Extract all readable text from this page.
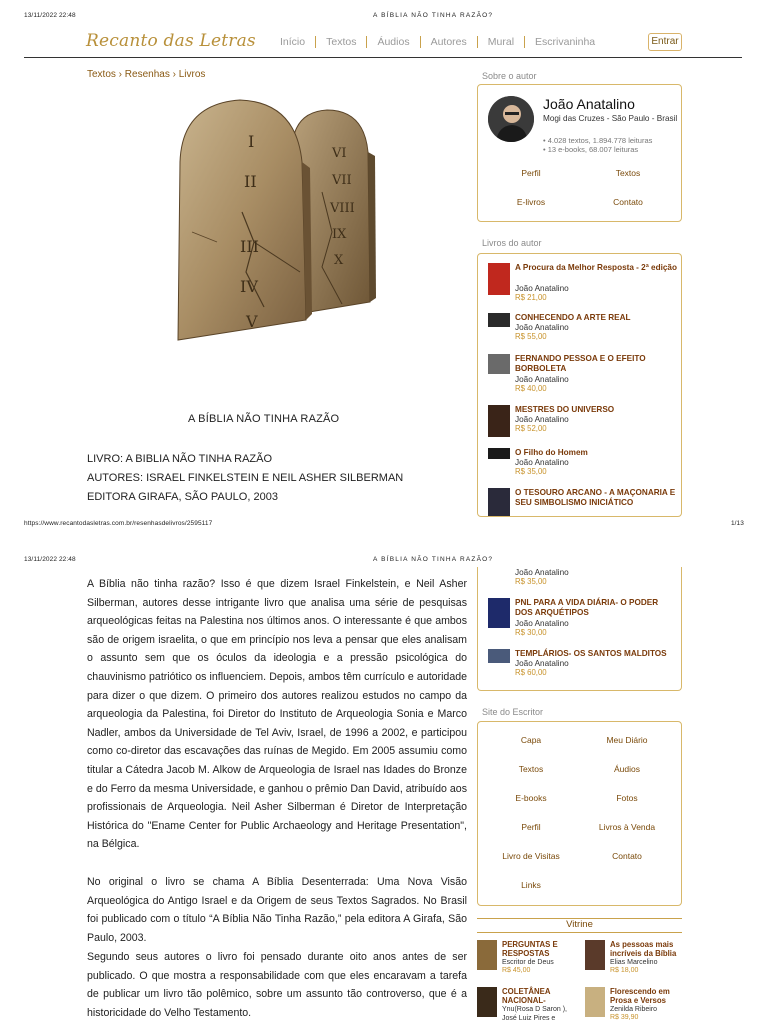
13/11/2022 22:48	A BÍBLIA NÃO TINHA RAZÃO?
https://www.recantodasletras.com.br/resenhasdelivros/2595117	1/13
13/11/2022 22:48	A BÍBLIA NÃO TINHA RAZÃO?
Recanto das Letras	Início	Textos	Áudios	Autores	Mural	Escrivaninha	Entrar
Textos › Resenhas › Livros
I
II
III
IV
V
VI
VII
VIII
IX
X
A BÍBLIA NÃO TINHA RAZÃO
LIVRO: A BIBLIA NÃO TINHA RAZÃO
AUTORES: ISRAEL FINKELSTEIN E NEIL ASHER SILBERMAN
EDITORA GIRAFA, SÃO PAULO, 2003

A Bíblia não tinha razão? Isso é que dizem Israel Finkelstein, e Neil Asher Silberman, autores desse intrigante livro que analisa uma série de pesquisas arqueológicas feitas na Palestina nos últimos anos. O interessante é que ambos são de origem israelita, o que em princípio nos leva a pensar que eles analisam o assunto sem que os óculos da ideologia e a pressão psicológica do chauvinismo patriótico os influenciem. Depois, ambos têm currículo e autoridade para dizer o que dizem. O primeiro dos autores realizou estudos no campo da arqueologia da Palestina, foi Diretor do Instituto de Arqueologia Sonia e Marco Nadler, ambos da Universidade de Tel Aviv, Israel, de 1996 a 2002, e participou como co-diretor das escavações das ruínas de Megido. Em 2005 assumiu como titular a Cátedra Jacob M. Alkow de Arqueologia de Israel nas Idades do Bronze e do Ferro da mesma Universidade, e ganhou o prêmio Dan David, atribuído aos profissionais de Arqueologia. Neil Asher Silberman é Diretor de Interpretação Histórica do "Ename Center for Public Archaeology and Heritage Presentation", na Bélgica.

No original o livro se chama A Bíblia Desenterrada: Uma Nova Visão Arqueológica do Antigo Israel e da Origem de seus Textos Sagrados. No Brasil foi publicado com o título “A Bíblia Não Tinha Razão,” pela editora A Girafa, São Paulo, 2003.

Segundo seus autores o livro foi pensado durante oito anos antes de ser publicado. O que mostra a responsabilidade com que eles encaravam a tarefa de publicar um livro tão polêmico, sobre um assunto tão controverso, que é a historicidade do Velho Testamento.

Sobre o autor
João Anatalino
Mogi das Cruzes - São Paulo - Brasil
• 4.028 textos, 1.894.778 leituras
• 13 e-books, 68.007 leituras
Perfil	Textos
E-livros	Contato
Livros do autor
A Procura da Melhor Resposta - 2ª edição
João Anatalino
R$ 21,00
CONHECENDO A ARTE REAL
João Anatalino
R$ 55,00
FERNANDO PESSOA E O EFEITO BORBOLETA
João Anatalino
R$ 40,00
MESTRES DO UNIVERSO
João Anatalino
R$ 52,00
O Filho do Homem
João Anatalino
R$ 35,00
O TESOURO ARCANO - A MAÇONARIA E SEU SIMBOLISMO INICIÁTICO
João Anatalino
R$ 35,00
PNL PARA A VIDA DIÁRIA- O PODER DOS ARQUÉTIPOS
João Anatalino
R$ 30,00
TEMPLÁRIOS- OS SANTOS MALDITOS
João Anatalino
R$ 60,00
Site do Escritor
Capa	Meu Diário
Textos	Áudios
E-books	Fotos
Perfil	Livros à Venda
Livro de Visitas	Contato
Links
Vitrine
PERGUNTAS E RESPOSTAS
Escritor de Deus
R$ 45,00
As pessoas mais incríveis da Bíblia
Elias Marcelino
R$ 18,00
COLETÂNEA NACIONAL-
Ynu(Rosa D Saron ), José Luiz Pires e
Florescendo em Prosa e Versos
Zenilda Ribeiro
R$ 39,90
